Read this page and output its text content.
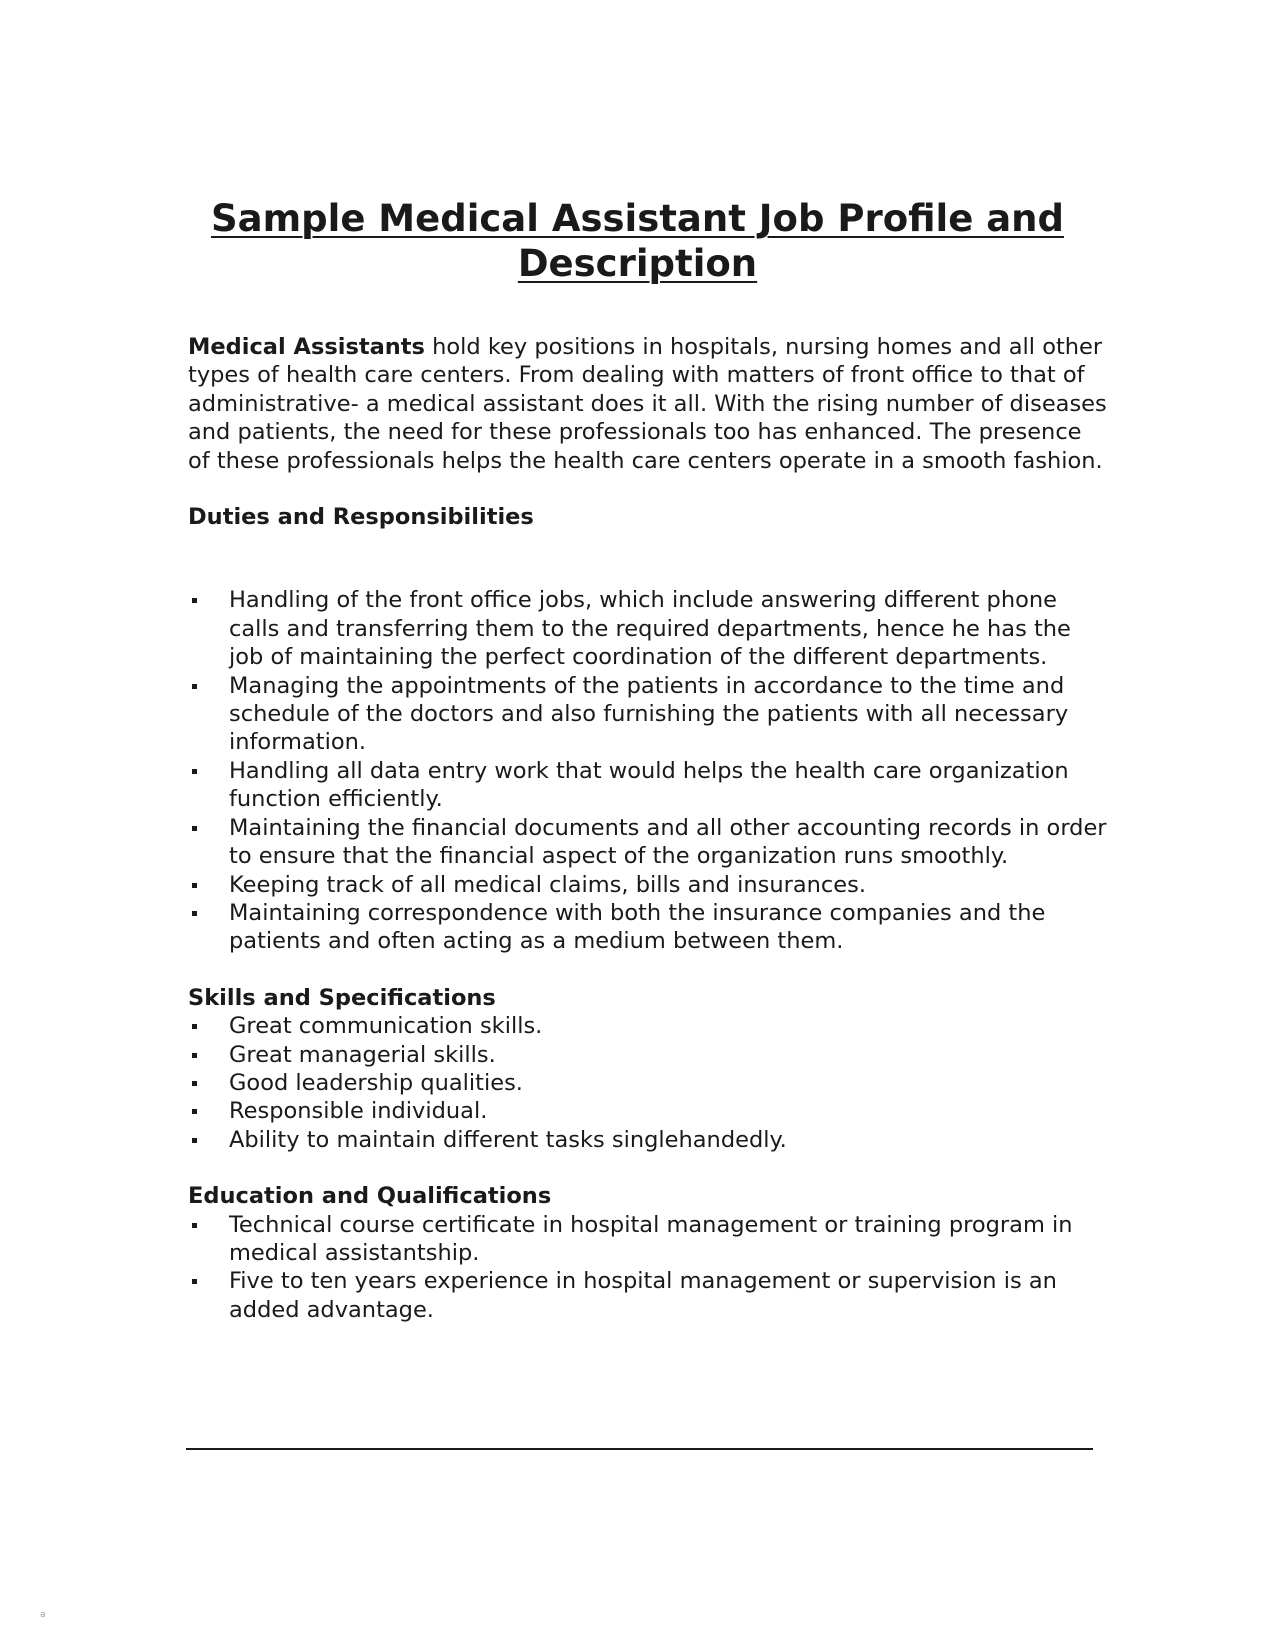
Sample Medical Assistant Job Profile and Description

Medical Assistants hold key positions in hospitals, nursing homes and all other types of health care centers. From dealing with matters of front office to that of administrative- a medical assistant does it all. With the rising number of diseases and patients, the need for these professionals too has enhanced. The presence of these professionals helps the health care centers operate in a smooth fashion.

Duties and Responsibilities
Handling of the front office jobs, which include answering different phone calls and transferring them to the required departments, hence he has the job of maintaining the perfect coordination of the different departments.
Managing the appointments of the patients in accordance to the time and schedule of the doctors and also furnishing the patients with all necessary information.
Handling all data entry work that would helps the health care organization function efficiently.
Maintaining the financial documents and all other accounting records in order to ensure that the financial aspect of the organization runs smoothly.
Keeping track of all medical claims, bills and insurances.
Maintaining correspondence with both the insurance companies and the patients and often acting as a medium between them.
Skills and Specifications
Great communication skills.
Great managerial skills.
Good leadership qualities.
Responsible individual.
Ability to maintain different tasks singlehandedly.
Education and Qualifications
Technical course certificate in hospital management or training program in medical assistantship.
Five to ten years experience in hospital management or supervision is an added advantage.
a
